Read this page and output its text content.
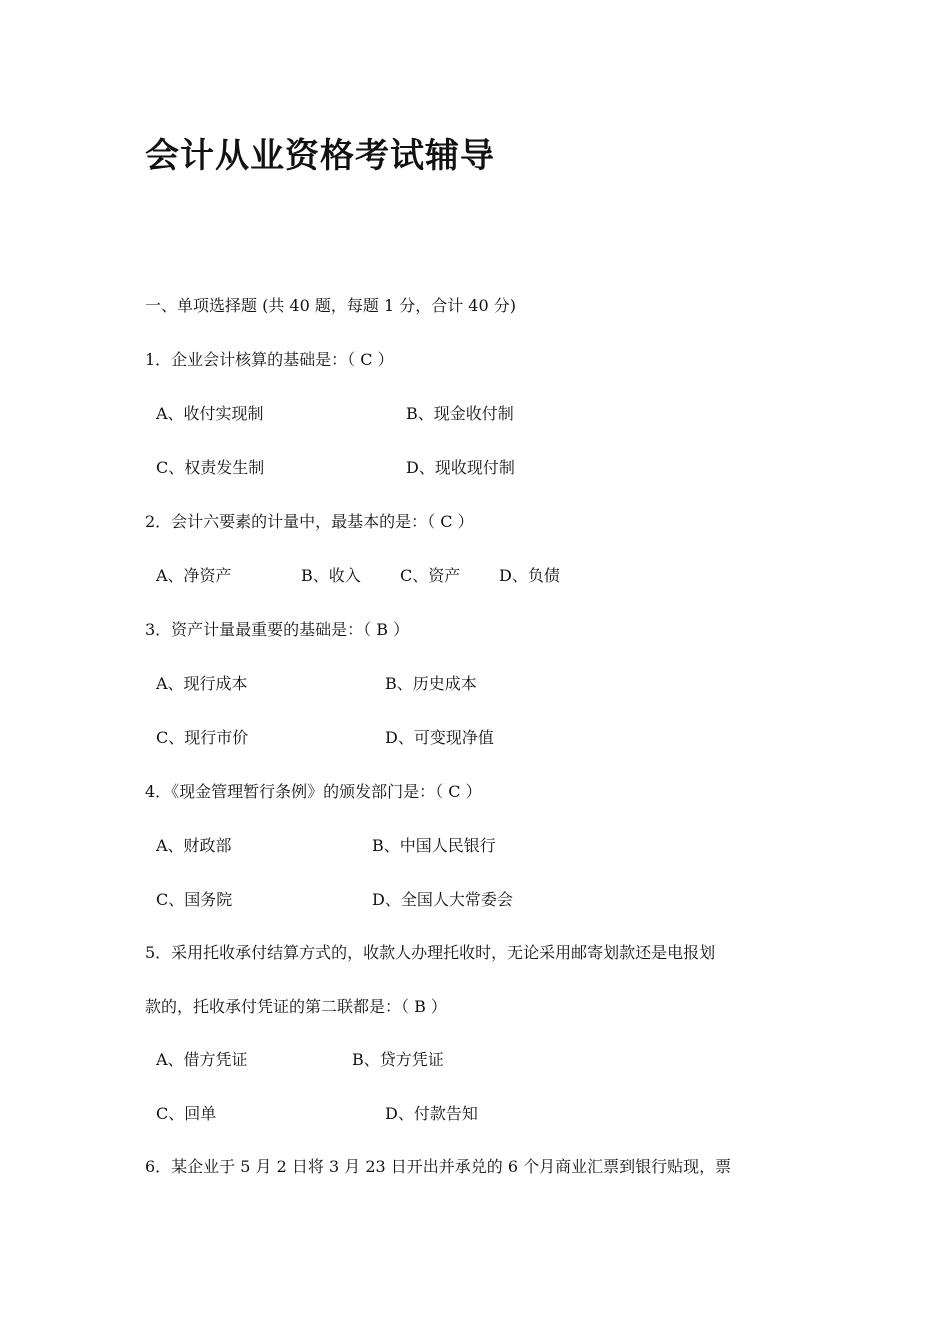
会计从业资格考试辅导
一、单项选择题 (共 40 题，每题 1 分，合计 40 分)
1．企业会计核算的基础是：（ C ）
A、收付实现制	B、现金收付制
C、权责发生制	D、现收现付制
2．会计六要素的计量中，最基本的是：（ C ）
A、净资产	B、收入 C、资产 D、负债
3．资产计量最重要的基础是：（ B ）
A、现行成本	B、历史成本
C、现行市价	D、可变现净值
4．《现金管理暂行条例》的颁发部门是：（ C ）
A、财政部	B、中国人民银行
C、国务院	D、全国人大常委会
5．采用托收承付结算方式的，收款人办理托收时，无论采用邮寄划款还是电报划
款的，托收承付凭证的第二联都是：（ B ）
A、借方凭证	B、贷方凭证
C、回单	D、付款告知
6．某企业于 5 月 2 日将 3 月 23 日开出并承兑的 6 个月商业汇票到银行贴现，票
